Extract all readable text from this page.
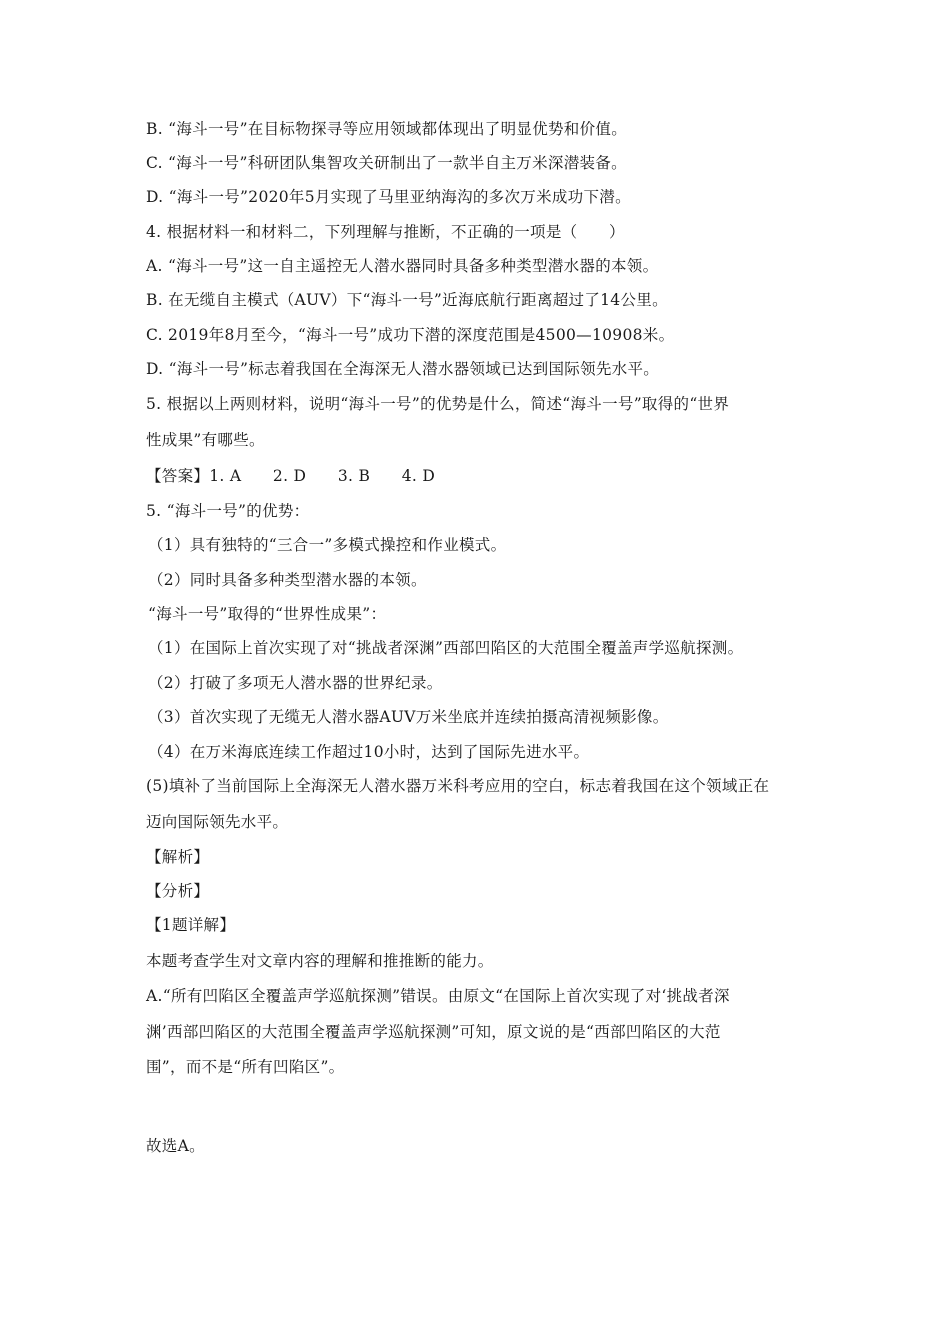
B. “海斗一号”在目标物探寻等应用领域都体现出了明显优势和价值。
C. “海斗一号”科研团队集智攻关研制出了一款半自主万米深潜装备。
D. “海斗一号”2020年5月实现了马里亚纳海沟的多次万米成功下潜。
4. 根据材料一和材料二，下列理解与推断，不正确的一项是（　　）
A. “海斗一号”这一自主遥控无人潜水器同时具备多种类型潜水器的本领。
B. 在无缆自主模式（AUV）下“海斗一号”近海底航行距离超过了14公里。
C. 2019年8月至今，“海斗一号”成功下潜的深度范围是4500—10908米。
D. “海斗一号”标志着我国在全海深无人潜水器领域已达到国际领先水平。
5. 根据以上两则材料，说明“海斗一号”的优势是什么，简述“海斗一号”取得的“世界
性成果”有哪些。
【答案】1. A　　2. D　　3. B　　4. D
5. “海斗一号”的优势：
（1）具有独特的“三合一”多模式操控和作业模式。
（2）同时具备多种类型潜水器的本领。
“海斗一号”取得的“世界性成果”：
（1）在国际上首次实现了对“挑战者深渊”西部凹陷区的大范围全覆盖声学巡航探测。
（2）打破了多项无人潜水器的世界纪录。
（3）首次实现了无缆无人潜水器AUV万米坐底并连续拍摄高清视频影像。
（4）在万米海底连续工作超过10小时，达到了国际先进水平。
(5)填补了当前国际上全海深无人潜水器万米科考应用的空白，标志着我国在这个领域正在
迈向国际领先水平。
【解析】
【分析】
【1题详解】
本题考查学生对文章内容的理解和推推断的能力。
A.“所有凹陷区全覆盖声学巡航探测”错误。由原文“在国际上首次实现了对‘挑战者深
渊’西部凹陷区的大范围全覆盖声学巡航探测”可知，原文说的是“西部凹陷区的大范
围”，而不是“所有凹陷区”。
故选A。
